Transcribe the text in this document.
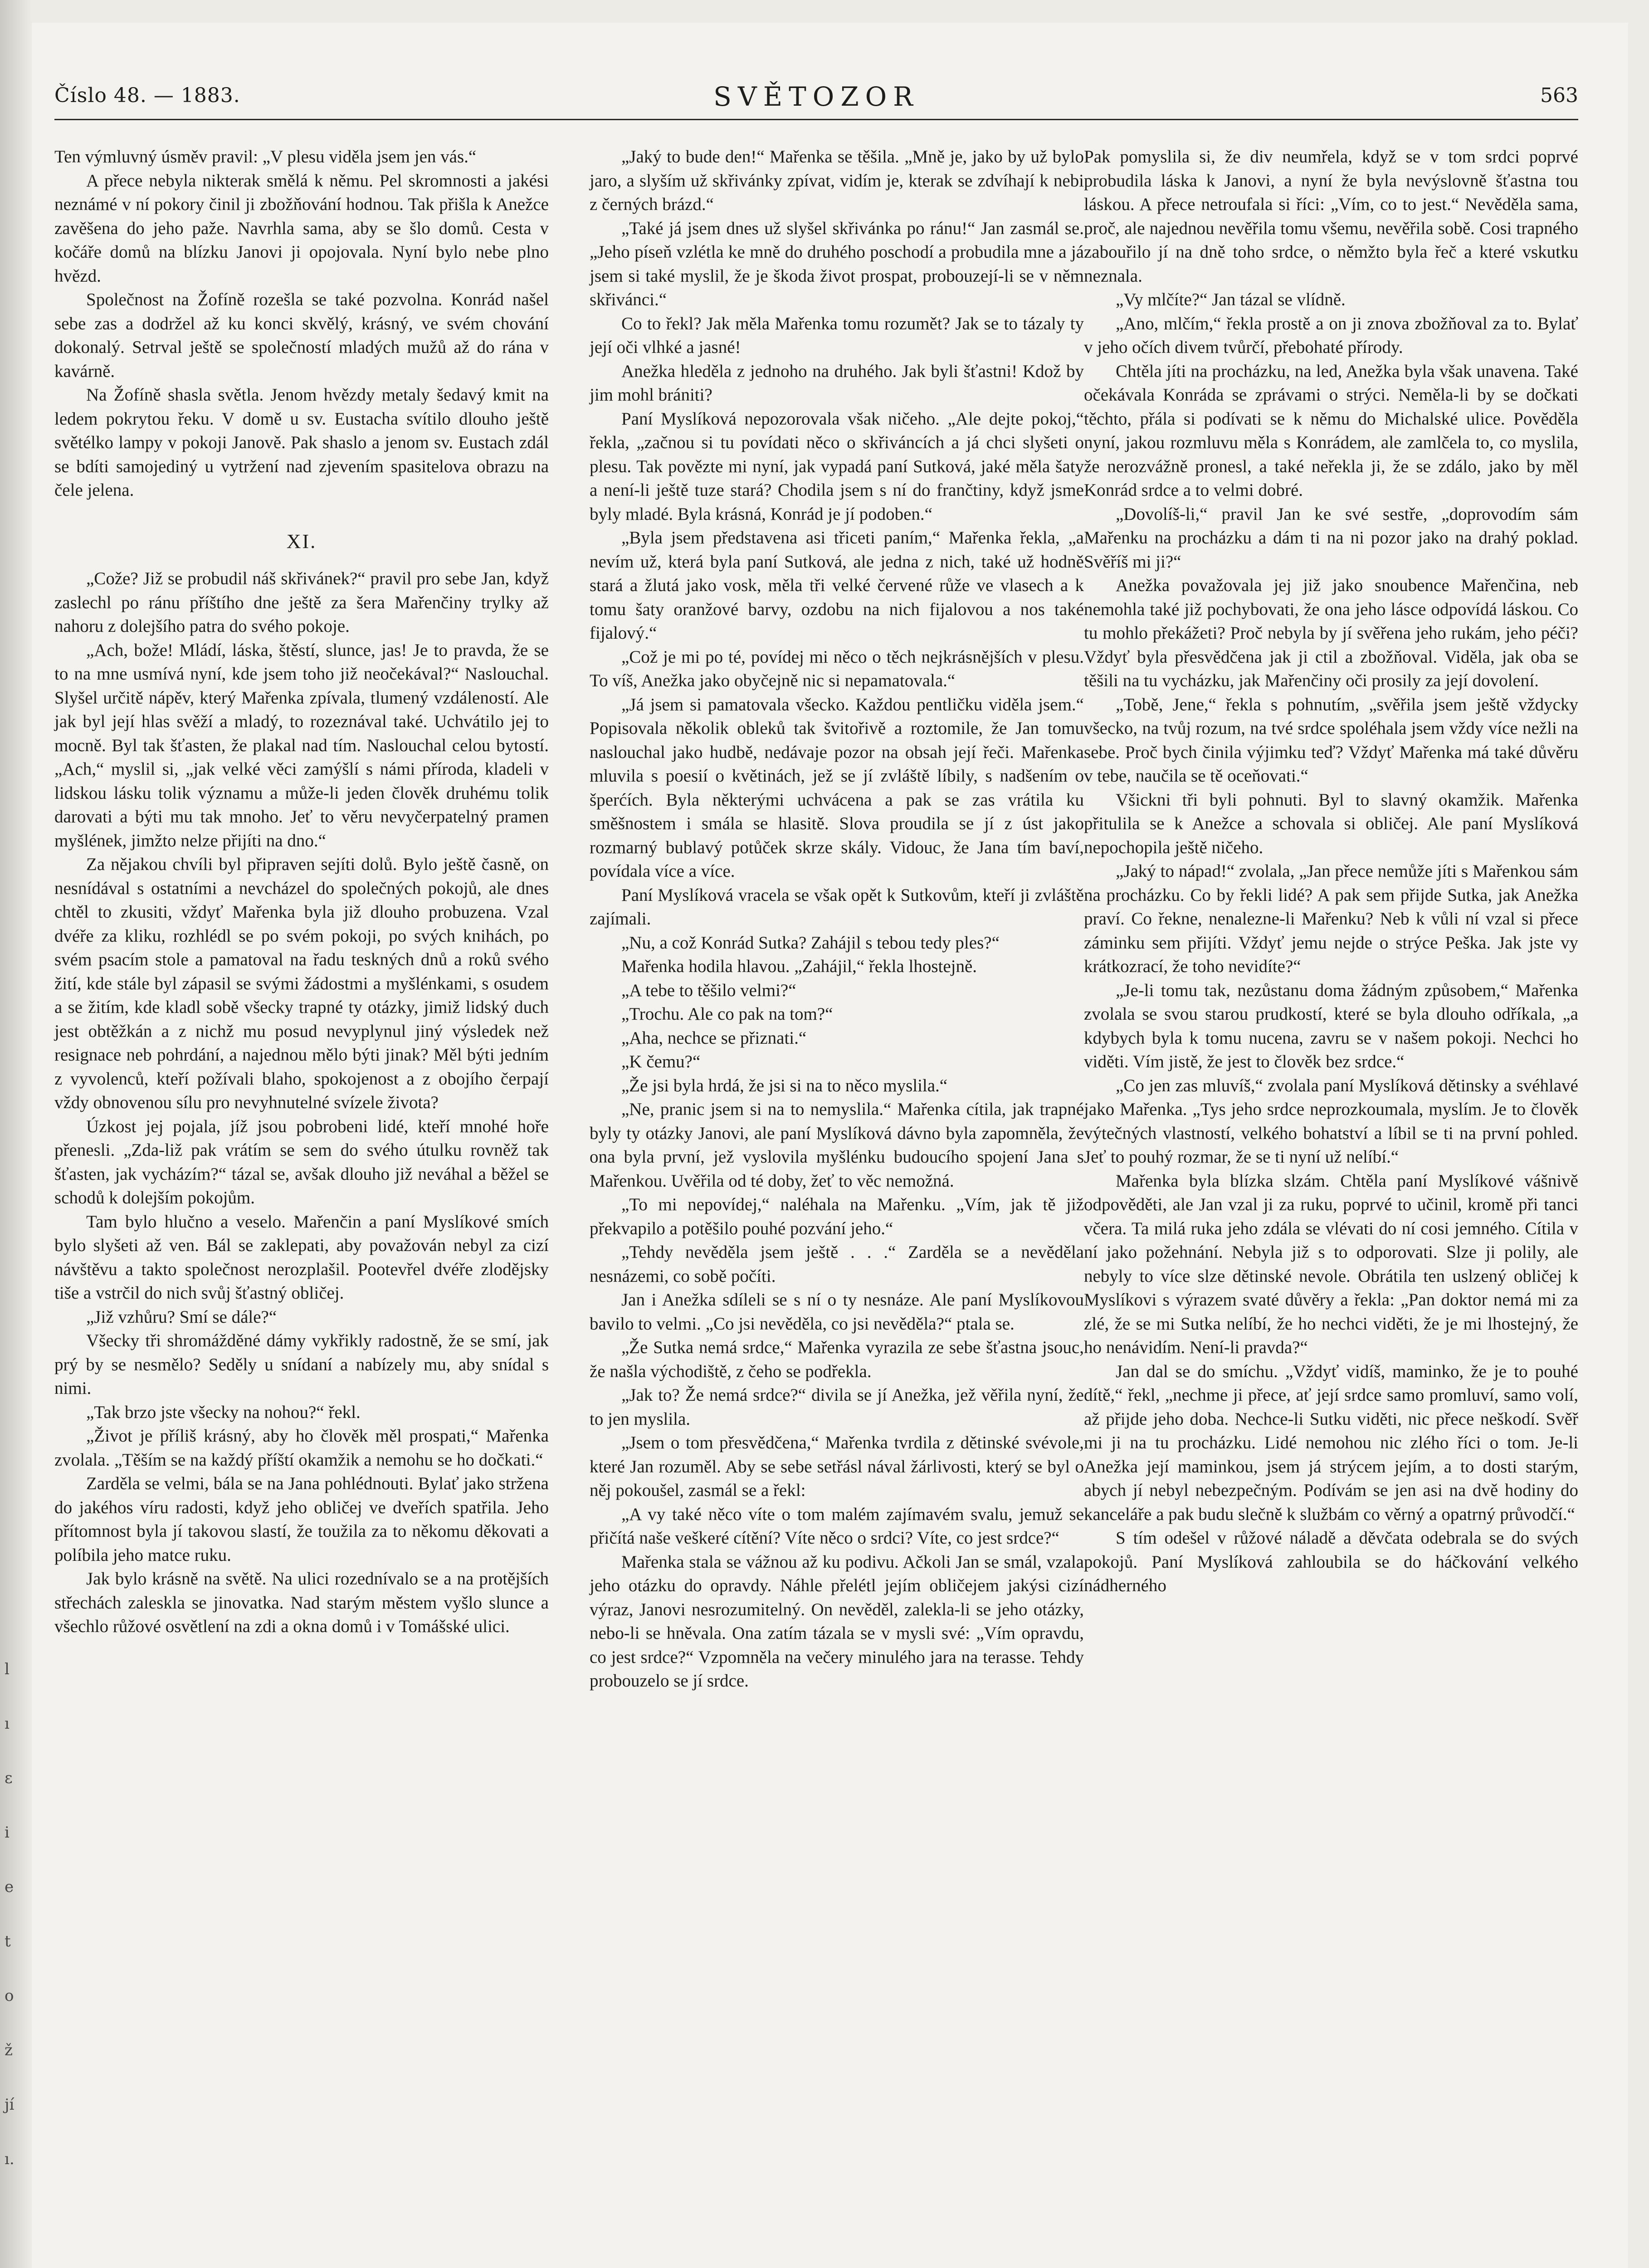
Číslo 48. — 1883.	SVĚTOZOR	563

Ten výmluvný úsměv pravil: „V plesu viděla jsem jen vás.“

A přece nebyla nikterak smělá k němu. Pel skromnosti a jakési neznámé v ní pokory činil ji zbožňování hodnou. Tak přišla k Anežce zavěšena do jeho paže. Navrhla sama, aby se šlo domů. Cesta v kočáře domů na blízku Janovi ji opojovala. Nyní bylo nebe plno hvězd.

Společnost na Žofíně rozešla se také pozvolna. Konrád našel sebe zas a dodržel až ku konci skvělý, krásný, ve svém chování dokonalý. Setrval ještě se společností mladých mužů až do rána v kavárně.

Na Žofíně shasla světla. Jenom hvězdy metaly šedavý kmit na ledem pokrytou řeku. V domě u sv. Eustacha svítilo dlouho ještě světélko lampy v pokoji Janově. Pak shaslo a jenom sv. Eustach zdál se bdíti samojediný u vytržení nad zjevením spasitelova obrazu na čele jelena.

XI.

„Cože? Již se probudil náš skřivánek?“ pravil pro sebe Jan, když zaslechl po ránu příštího dne ještě za šera Mařenčiny trylky až nahoru z dolejšího patra do svého pokoje.

„Ach, bože! Mládí, láska, štěstí, slunce, jas! Je to pravda, že se to na mne usmívá nyní, kde jsem toho již neočekával?“ Naslouchal. Slyšel určitě nápěv, který Mařenka zpívala, tlumený vzdáleností. Ale jak byl její hlas svěží a mladý, to rozeznával také. Uchvátilo jej to mocně. Byl tak šťasten, že plakal nad tím. Naslouchal celou bytostí. „Ach,“ myslil si, „jak velké věci zamýšlí s námi příroda, kladeli v lidskou lásku tolik významu a může-li jeden člověk druhému tolik darovati a býti mu tak mnoho. Jeť to věru nevyčerpatelný pramen myšlének, jimžto nelze přijíti na dno.“

Za nějakou chvíli byl připraven sejíti dolů. Bylo ještě časně, on nesnídával s ostatními a nevcházel do společných pokojů, ale dnes chtěl to zkusiti, vždyť Mařenka byla již dlouho probuzena. Vzal dvéře za kliku, rozhlédl se po svém pokoji, po svých knihách, po svém psacím stole a pamatoval na řadu teskných dnů a roků svého žití, kde stále byl zápasil se svými žádostmi a myšlénkami, s osudem a se žitím, kde kladl sobě všecky trapné ty otázky, jimiž lidský duch jest obtěžkán a z nichž mu posud nevyplynul jiný výsledek než resignace neb pohrdání, a najednou mělo býti jinak? Měl býti jedním z vyvolenců, kteří požívali blaho, spokojenost a z obojího čerpají vždy obnovenou sílu pro nevyhnutelné svízele života?

Úzkost jej pojala, jíž jsou pobrobeni lidé, kteří mnohé hoře přenesli. „Zda-liž pak vrátím se sem do svého útulku rovněž tak šťasten, jak vycházím?“ tázal se, avšak dlouho již neváhal a běžel se schodů k dolejším pokojům.

Tam bylo hlučno a veselo. Mařenčin a paní Myslíkové smích bylo slyšeti až ven. Bál se zaklepati, aby považován nebyl za cizí návštěvu a takto společnost nerozplašil. Pootevřel dvéře zlodějsky tiše a vstrčil do nich svůj šťastný obličej.

„Již vzhůru? Smí se dále?“

Všecky tři shromážděné dámy vykřikly radostně, že se smí, jak prý by se nesmělo? Seděly u snídaní a nabízely mu, aby snídal s nimi.

„Tak brzo jste všecky na nohou?“ řekl.

„Život je příliš krásný, aby ho člověk měl prospati,“ Mařenka zvolala. „Těším se na každý příští okamžik a nemohu se ho dočkati.“

Zarděla se velmi, bála se na Jana pohlédnouti. Bylať jako stržena do jakéhos víru radosti, když jeho obličej ve dveřích spatřila. Jeho přítomnost byla jí takovou slastí, že toužila za to někomu děkovati a políbila jeho matce ruku.

Jak bylo krásně na světě. Na ulici rozednívalo se a na protějších střechách zaleskla se jinovatka. Nad starým městem vyšlo slunce a všechlo růžové osvětlení na zdi a okna domů i v Tomášské ulici.

„Jaký to bude den!“ Mařenka se těšila. „Mně je, jako by už bylo jaro, a slyším už skřivánky zpívat, vidím je, kterak se zdvíhají k nebi z černých brázd.“

„Také já jsem dnes už slyšel skřivánka po ránu!“ Jan zasmál se. „Jeho píseň vzlétla ke mně do druhého poschodí a probudila mne a já jsem si také myslil, že je škoda život prospat, probouzejí-li se v něm skřivánci.“

Co to řekl? Jak měla Mařenka tomu rozumět? Jak se to tázaly ty její oči vlhké a jasné!

Anežka hleděla z jednoho na druhého. Jak byli šťastni! Kdož by jim mohl brániti?

Paní Myslíková nepozorovala však ničeho. „Ale dejte pokoj,“ řekla, „začnou si tu povídati něco o skřiváncích a já chci slyšeti o plesu. Tak povězte mi nyní, jak vypadá paní Sutková, jaké měla šaty a není-li ještě tuze stará? Chodila jsem s ní do frančtiny, když jsme byly mladé. Byla krásná, Konrád je jí podoben.“

„Byla jsem představena asi třiceti paním,“ Mařenka řekla, „a nevím už, která byla paní Sutková, ale jedna z nich, také už hodně stará a žlutá jako vosk, měla tři velké červené růže ve vlasech a k tomu šaty oranžové barvy, ozdobu na nich fijalovou a nos také fijalový.“

„Což je mi po té, povídej mi něco o těch nejkrásnějších v plesu. To víš, Anežka jako obyčejně nic si nepamatovala.“

„Já jsem si pamatovala všecko. Každou pentličku viděla jsem.“ Popisovala několik obleků tak švitořivě a roztomile, že Jan tomu naslouchal jako hudbě, nedávaje pozor na obsah její řeči. Mařenka mluvila s poesií o květinách, jež se jí zvláště líbily, s nadšením o šperćích. Byla některými uchvácena a pak se zas vrátila ku směšnostem i smála se hlasitě. Slova proudila se jí z úst jako rozmarný bublavý potůček skrze skály. Vidouc, že Jana tím baví, povídala více a více.

Paní Myslíková vracela se však opět k Sutkovům, kteří ji zvláště zajímali.

„Nu, a což Konrád Sutka? Zahájil s tebou tedy ples?“

Mařenka hodila hlavou. „Zahájil,“ řekla lhostejně.

„A tebe to těšilo velmi?“

„Trochu. Ale co pak na tom?“

„Aha, nechce se přiznati.“

„K čemu?“

„Že jsi byla hrdá, že jsi si na to něco myslila.“

„Ne, pranic jsem si na to nemyslila.“ Mařenka cítila, jak trapné byly ty otázky Janovi, ale paní Myslíková dávno byla zapomněla, že ona byla první, jež vyslovila myšlénku budoucího spojení Jana s Mařenkou. Uvěřila od té doby, žeť to věc nemožná.

„To mi nepovídej,“ naléhala na Mařenku. „Vím, jak tě již překvapilo a potěšilo pouhé pozvání jeho.“

„Tehdy nevěděla jsem ještě . . .“ Zarděla se a nevěděla nesnázemi, co sobě počíti.

Jan i Anežka sdíleli se s ní o ty nesnáze. Ale paní Myslíkovou bavilo to velmi. „Co jsi nevěděla, co jsi nevěděla?“ ptala se.

„Že Sutka nemá srdce,“ Mařenka vyrazila ze sebe šťastna jsouc, že našla východiště, z čeho se podřekla.

„Jak to? Že nemá srdce?“ divila se jí Anežka, jež věřila nyní, že to jen myslila.

„Jsem o tom přesvědčena,“ Mařenka tvrdila z dětinské svévole, které Jan rozuměl. Aby se sebe setřásl nával žárlivosti, který se byl o něj pokoušel, zasmál se a řekl:

„A vy také něco víte o tom malém zajímavém svalu, jemuž se přičítá naše veškeré cítění? Víte něco o srdci? Víte, co jest srdce?“

Mařenka stala se vážnou až ku podivu. Ačkoli Jan se smál, vzala jeho otázku do opravdy. Náhle přelétl jejím obličejem jakýsi cizí výraz, Janovi nesrozumitelný. On nevěděl, zalekla-li se jeho otázky, nebo-li se hněvala. Ona zatím tázala se v mysli své: „Vím opravdu, co jest srdce?“ Vzpomněla na večery minulého jara na terasse. Tehdy probouzelo se jí srdce.

Pak pomyslila si, že div neumřela, když se v tom srdci poprvé probudila láska k Janovi, a nyní že byla nevýslovně šťastna tou láskou. A přece netroufala si říci: „Vím, co to jest.“ Nevěděla sama, proč, ale najednou nevěřila tomu všemu, nevěřila sobě. Cosi trapného zabouřilo jí na dně toho srdce, o němžto byla řeč a které vskutku neznala.

„Vy mlčíte?“ Jan tázal se vlídně.

„Ano, mlčím,“ řekla prostě a on ji znova zbožňoval za to. Bylať v jeho očích divem tvůrčí, přebohaté přírody.

Chtěla jíti na procházku, na led, Anežka byla však unavena. Také očekávala Konráda se zprávami o strýci. Neměla-li by se dočkati těchto, přála si podívati se k němu do Michalské ulice. Pověděla nyní, jakou rozmluvu měla s Konrádem, ale zamlčela to, co myslila, že nerozvážně pronesl, a také neřekla ji, že se zdálo, jako by měl Konrád srdce a to velmi dobré.

„Dovolíš-li,“ pravil Jan ke své sestře, „doprovodím sám Mařenku na procházku a dám ti na ni pozor jako na drahý poklad. Svěříš mi ji?“

Anežka považovala jej již jako snoubence Mařenčina, neb nemohla také již pochybovati, že ona jeho lásce odpovídá láskou. Co tu mohlo překážeti? Proč nebyla by jí svěřena jeho rukám, jeho péči? Vždyť byla přesvědčena jak ji ctil a zbožňoval. Viděla, jak oba se těšili na tu vycházku, jak Mařenčiny oči prosily za její dovolení.

„Tobě, Jene,“ řekla s pohnutím, „svěřila jsem ještě vždycky všecko, na tvůj rozum, na tvé srdce spoléhala jsem vždy více nežli na sebe. Proč bych činila výjimku teď? Vždyť Mařenka má také důvěru v tebe, naučila se tě oceňovati.“

Všickni tři byli pohnuti. Byl to slavný okamžik. Mařenka přitulila se k Anežce a schovala si obličej. Ale paní Myslíková nepochopila ještě ničeho.

„Jaký to nápad!“ zvolala, „Jan přece nemůže jíti s Mařenkou sám na procházku. Co by řekli lidé? A pak sem přijde Sutka, jak Anežka praví. Co řekne, nenalezne-li Mařenku? Neb k vůli ní vzal si přece záminku sem přijíti. Vždyť jemu nejde o strýce Peška. Jak jste vy krátkozrací, že toho nevidíte?“

„Je-li tomu tak, nezůstanu doma žádným způsobem,“ Mařenka zvolala se svou starou prudkostí, které se byla dlouho odříkala, „a kdybych byla k tomu nucena, zavru se v našem pokoji. Nechci ho viděti. Vím jistě, že jest to člověk bez srdce.“

„Co jen zas mluvíš,“ zvolala paní Myslíková dětinsky a svéhlavé jako Mařenka. „Tys jeho srdce neprozkoumala, myslím. Je to člověk výtečných vlastností, velkého bohatství a líbil se ti na první pohled. Jeť to pouhý rozmar, že se ti nyní už nelíbí.“

Mařenka byla blízka slzám. Chtěla paní Myslíkové vášnivě odpověděti, ale Jan vzal ji za ruku, poprvé to učinil, kromě při tanci včera. Ta milá ruka jeho zdála se vlévati do ní cosi jemného. Cítila v ní jako požehnání. Nebyla již s to odporovati. Slze ji polily, ale nebyly to více slze dětinské nevole. Obrátila ten uslzený obličej k Myslíkovi s výrazem svaté důvěry a řekla: „Pan doktor nemá mi za zlé, že se mi Sutka nelíbí, že ho nechci viděti, že je mi lhostejný, že ho nenávidím. Není-li pravda?“

Jan dal se do smíchu. „Vždyť vidíš, maminko, že je to pouhé dítě,“ řekl, „nechme ji přece, ať její srdce samo promluví, samo volí, až přijde jeho doba. Nechce-li Sutku viděti, nic přece neškodí. Svěř mi ji na tu procházku. Lidé nemohou nic zlého říci o tom. Je-li Anežka její maminkou, jsem já strýcem jejím, a to dosti starým, abych jí nebyl nebezpečným. Podívám se jen asi na dvě hodiny do kanceláře a pak budu slečně k službám co věrný a opatrný průvodčí.“

S tím odešel v růžové náladě a děvčata odebrala se do svých pokojů. Paní Myslíková zahloubila se do háčkování velkého nádherného

l
ı
ε
i
e
t
o
ž
jí
ı.
